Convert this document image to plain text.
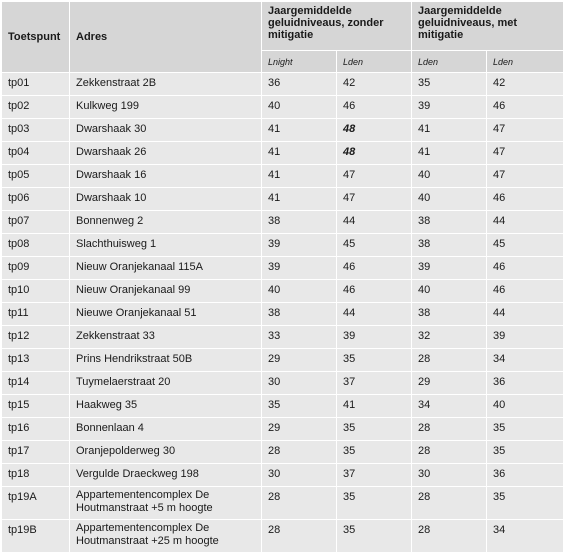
Toetspunt	Adres	Jaargemiddelde geluidniveaus, zonder mitigatie		Jaargemiddelde geluidniveaus, met mitigatie	
		Lnight	Lden	Lden	Lden
tp01	Zekkenstraat 2B	36	42	35	42
tp02	Kulkweg 199	40	46	39	46
tp03	Dwarshaak 30	41	48	41	47
tp04	Dwarshaak 26	41	48	41	47
tp05	Dwarshaak 16	41	47	40	47
tp06	Dwarshaak 10	41	47	40	46
tp07	Bonnenweg 2	38	44	38	44
tp08	Slachthuisweg 1	39	45	38	45
tp09	Nieuw Oranjekanaal 115A	39	46	39	46
tp10	Nieuw Oranjekanaal 99	40	46	40	46
tp11	Nieuwe Oranjekanaal 51	38	44	38	44
tp12	Zekkenstraat 33	33	39	32	39
tp13	Prins Hendrikstraat 50B	29	35	28	34
tp14	Tuymelaerstraat 20	30	37	29	36
tp15	Haakweg 35	35	41	34	40
tp16	Bonnenlaan 4	29	35	28	35
tp17	Oranjepolderweg 30	28	35	28	35
tp18	Vergulde Draeckweg 198	30	37	30	36
tp19A	Appartementencomplex De Houtmanstraat +5 m hoogte	28	35	28	35
tp19B	Appartementencomplex De Houtmanstraat +25 m hoogte	28	35	28	34
